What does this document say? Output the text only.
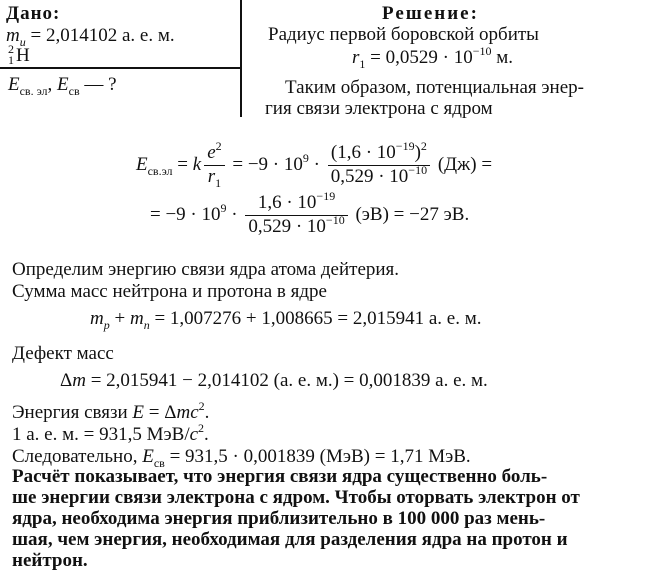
Дано:
$m_и = 2,014102$ а. е. м.
2
1 H
$E_{св. эл}$, $E_{св}$ — ?
Решение:
Радиус первой боровской орбиты
$r_1 = 0,0529 \cdot 10^{-10}$ м.
Таким образом, потенциальная энер-
гия связи электрона с ядром
$E_{св.эл} = k \frac{e^2}{r_1} = -9 \cdot 10^9 \cdot \frac{(1,6 \cdot 10^{-19})^2}{0,529 \cdot 10^{-10}} (Дж)$ =
= $-9 \cdot 10^9 \cdot \frac{1,6 \cdot 10^{-19}}{0,529 \cdot 10^{-10}} (эВ) = -27$ эВ.
Определим энергию связи ядра атома дейтерия.
Сумма масс нейтрона и протона в ядре
$m_p + m_n = 1,007276 + 1,008665 = 2,015941$ а. е. м.
Дефект масс
Δm = 2,015941 − 2,014102 (а. е. м.) = 0,001839 а. е. м.
Энергия связи E = Δmc$^2$.
1 а. е. м. = 931,5 МэВ/$c^2$.
Следовательно, $E_{св} = 931,5 \cdot 0,001839$ (МэВ) = 1,71 МэВ.
Расчёт показывает, что энергия связи ядра существенно боль-
ше энергии связи электрона с ядром. Чтобы оторвать электрон от
ядра, необходима энергия приблизительно в 100 000 раз мень-
шая, чем энергия, необходимая для разделения ядра на протон и
нейтрон.
